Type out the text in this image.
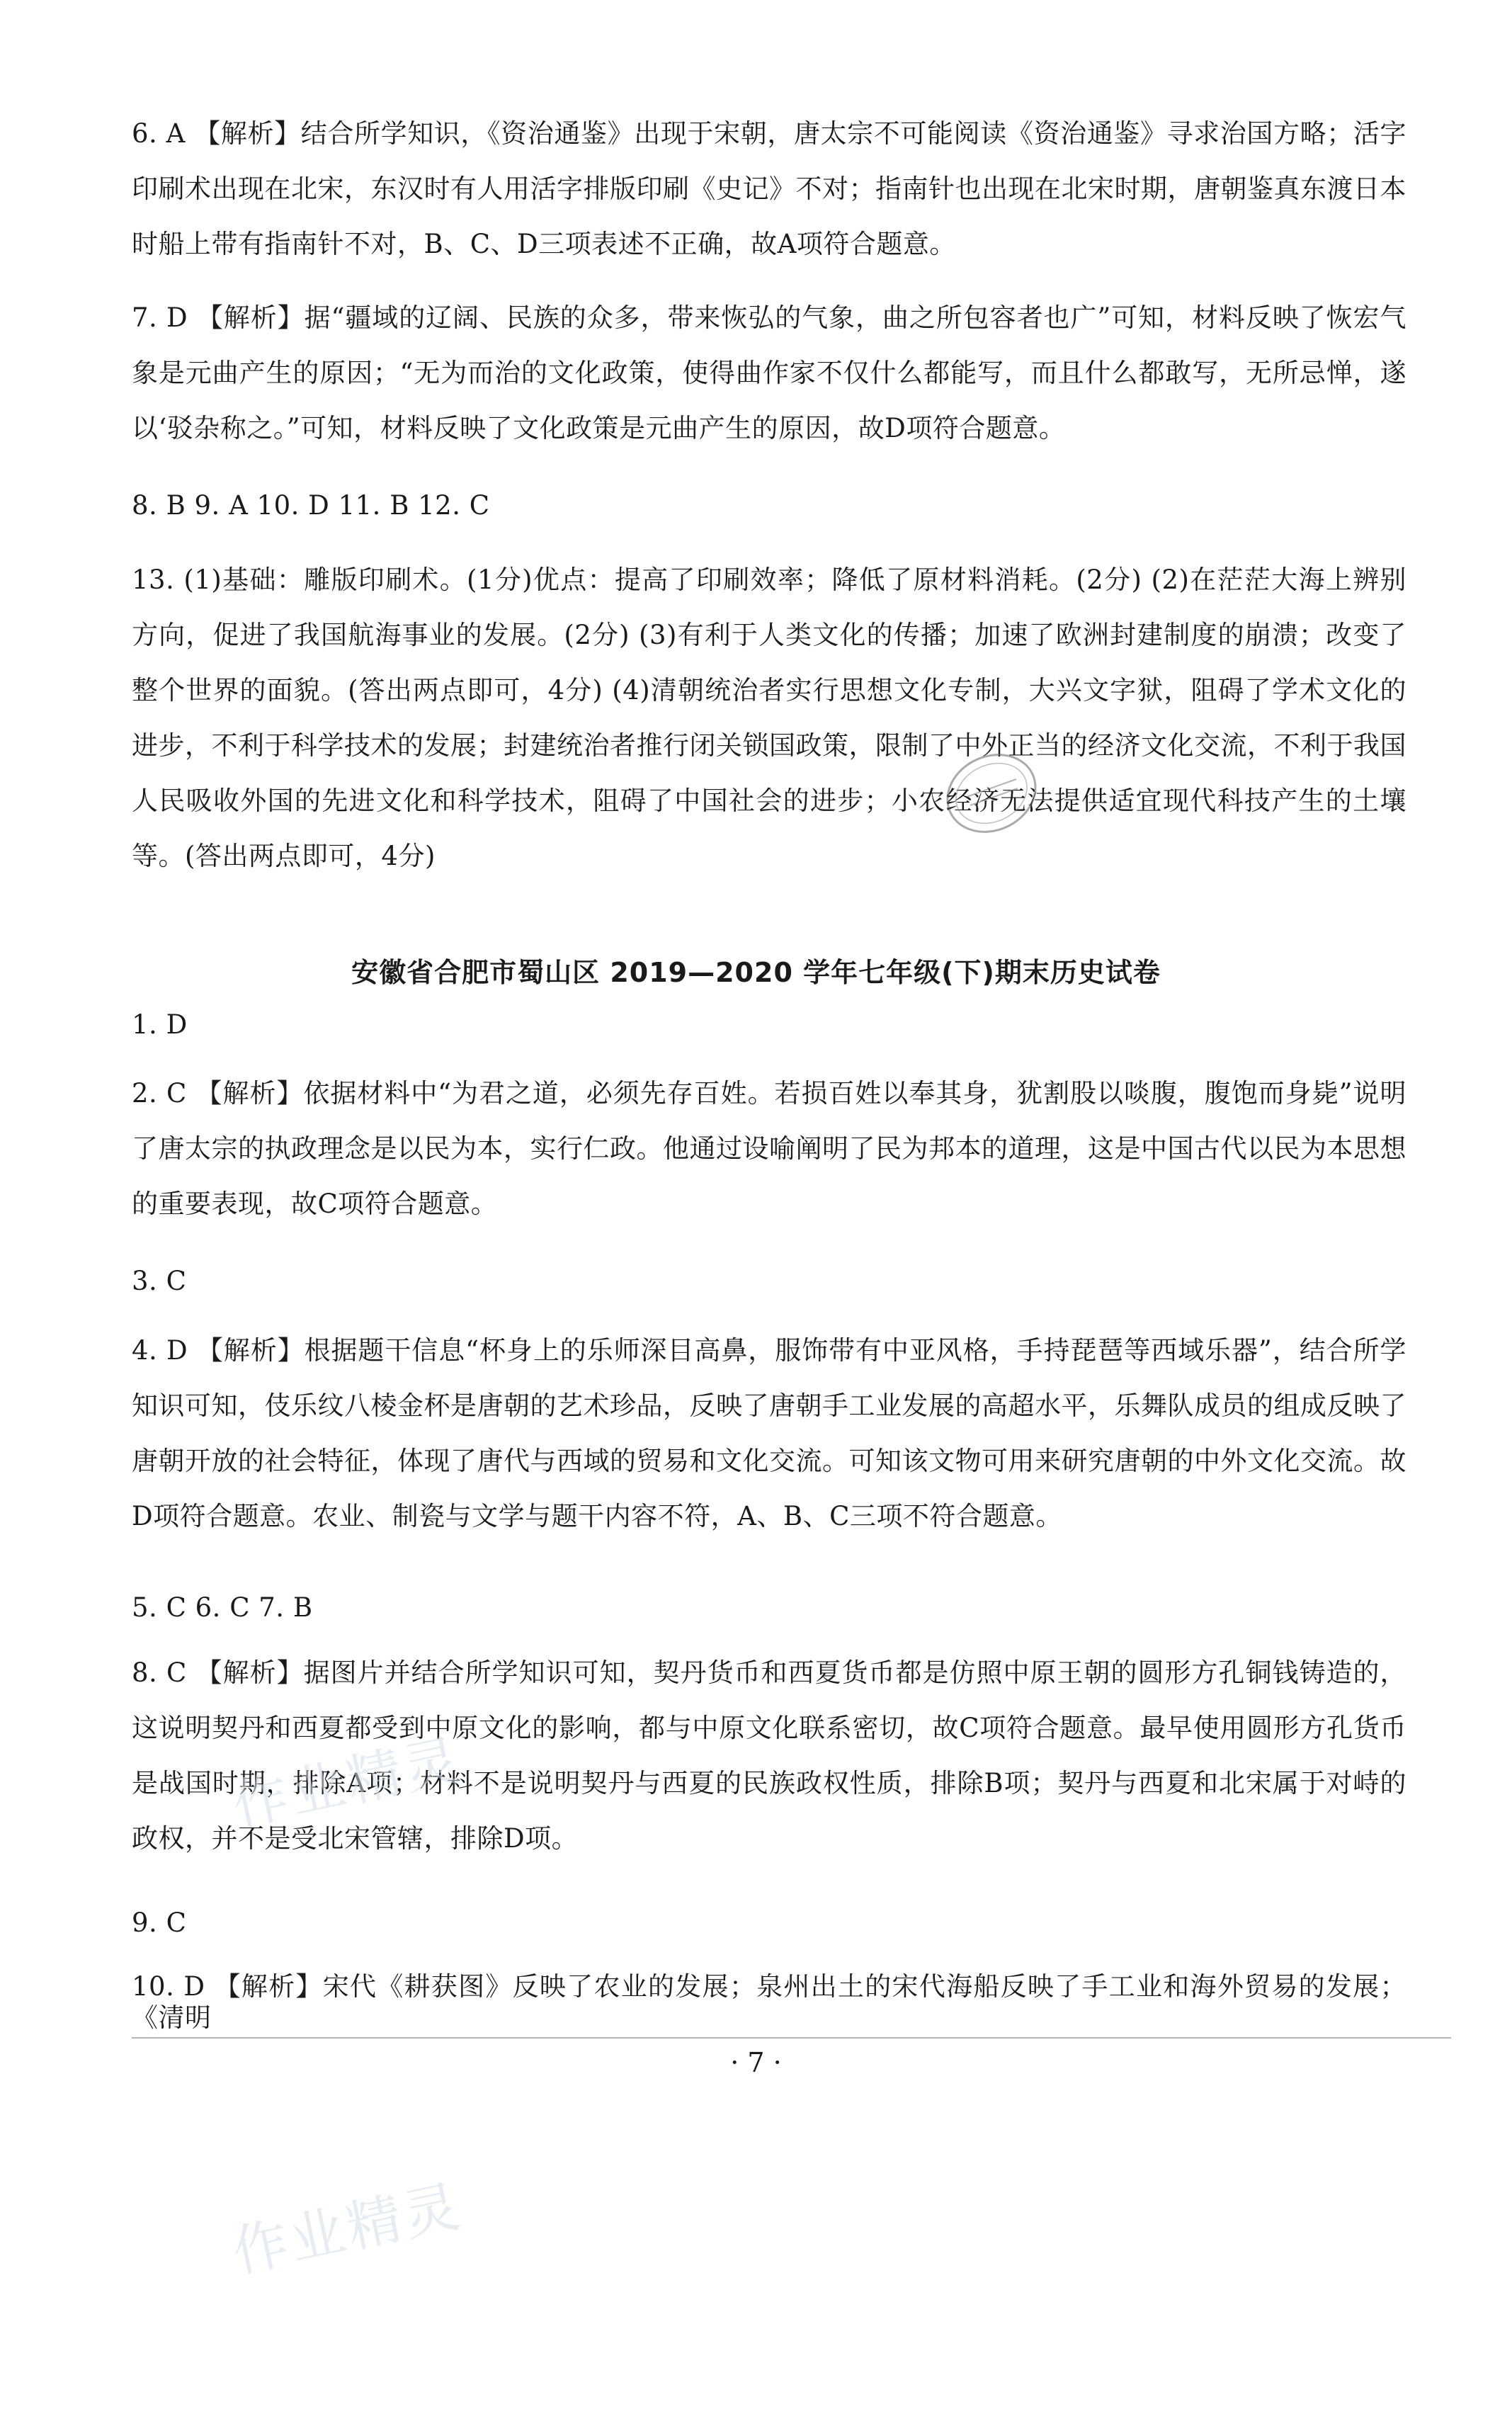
6. A 【解析】结合所学知识，《资治通鉴》出现于宋朝，唐太宗不可能阅读《资治通鉴》寻求治国方略；活字印刷术出现在北宋，东汉时有人用活字排版印刷《史记》不对；指南针也出现在北宋时期，唐朝鉴真东渡日本时船上带有指南针不对，B、C、D三项表述不正确，故A项符合题意。
7. D 【解析】据“疆域的辽阔、民族的众多，带来恢弘的气象，曲之所包容者也广”可知，材料反映了恢宏气象是元曲产生的原因；“无为而治的文化政策，使得曲作家不仅什么都能写，而且什么都敢写，无所忌惮，遂以‘驳杂称之。”可知，材料反映了文化政策是元曲产生的原因，故D项符合题意。
8. B 9. A 10. D 11. B 12. C
13. (1)基础：雕版印刷术。(1分)优点：提高了印刷效率；降低了原材料消耗。(2分) (2)在茫茫大海上辨别方向，促进了我国航海事业的发展。(2分) (3)有利于人类文化的传播；加速了欧洲封建制度的崩溃；改变了整个世界的面貌。(答出两点即可，4分) (4)清朝统治者实行思想文化专制，大兴文字狱，阻碍了学术文化的进步，不利于科学技术的发展；封建统治者推行闭关锁国政策，限制了中外正当的经济文化交流，不利于我国人民吸收外国的先进文化和科学技术，阻碍了中国社会的进步；小农经济无法提供适宜现代科技产生的土壤等。(答出两点即可，4分)
安徽省合肥市蜀山区 2019—2020 学年七年级(下)期末历史试卷
1. D
2. C 【解析】依据材料中“为君之道，必须先存百姓。若损百姓以奉其身，犹割股以啖腹，腹饱而身毙”说明了唐太宗的执政理念是以民为本，实行仁政。他通过设喻阐明了民为邦本的道理，这是中国古代以民为本思想的重要表现，故C项符合题意。
3. C
4. D 【解析】根据题干信息“杯身上的乐师深目高鼻，服饰带有中亚风格，手持琵琶等西域乐器”，结合所学知识可知，伎乐纹八棱金杯是唐朝的艺术珍品，反映了唐朝手工业发展的高超水平，乐舞队成员的组成反映了唐朝开放的社会特征，体现了唐代与西域的贸易和文化交流。可知该文物可用来研究唐朝的中外文化交流。故D项符合题意。农业、制瓷与文学与题干内容不符，A、B、C三项不符合题意。
5. C 6. C 7. B
8. C 【解析】据图片并结合所学知识可知，契丹货币和西夏货币都是仿照中原王朝的圆形方孔铜钱铸造的，这说明契丹和西夏都受到中原文化的影响，都与中原文化联系密切，故C项符合题意。最早使用圆形方孔货币是战国时期，排除A项；材料不是说明契丹与西夏的民族政权性质，排除B项；契丹与西夏和北宋属于对峙的政权，并不是受北宋管辖，排除D项。
9. C
10. D 【解析】宋代《耕获图》反映了农业的发展；泉州出土的宋代海船反映了手工业和海外贸易的发展；《清明
作业精灵
作业精灵
· 7 ·
